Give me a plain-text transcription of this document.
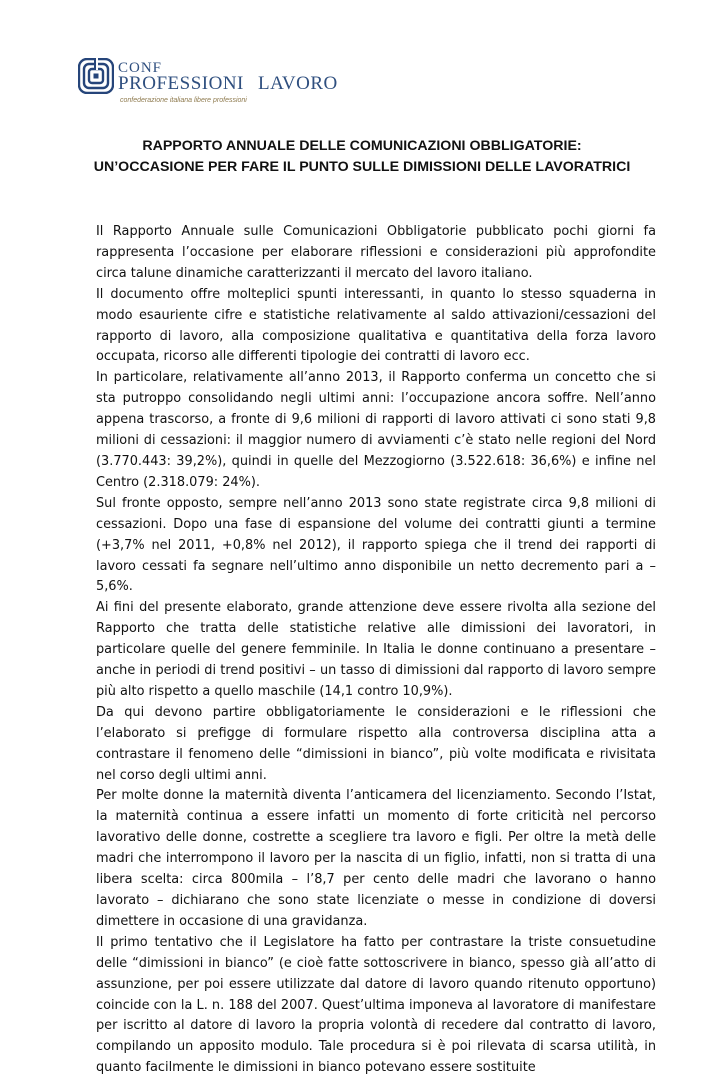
CONF
PROFESSIONI LAVORO
confederazione italiana libere professioni
RAPPORTO ANNUALE DELLE COMUNICAZIONI OBBLIGATORIE:
UN’OCCASIONE PER FARE IL PUNTO SULLE DIMISSIONI DELLE LAVORATRICI

Il Rapporto Annuale sulle Comunicazioni Obbligatorie pubblicato pochi giorni fa rappresenta l’occasione per elaborare riflessioni e considerazioni più approfondite circa talune dinamiche caratterizzanti il mercato del lavoro italiano.

Il documento offre molteplici spunti interessanti, in quanto lo stesso squaderna in modo esauriente cifre e statistiche relativamente al saldo attivazioni/cessazioni del rapporto di lavoro, alla composizione qualitativa e quantitativa della forza lavoro occupata, ricorso alle differenti tipologie dei contratti di lavoro ecc.

In particolare, relativamente all’anno 2013, il Rapporto conferma un concetto che si sta putroppo consolidando negli ultimi anni: l’occupazione ancora soffre. Nell’anno appena trascorso, a fronte di 9,6 milioni di rapporti di lavoro attivati ci sono stati 9,8 milioni di cessazioni: il maggior numero di avviamenti c’è stato nelle regioni del Nord (3.770.443: 39,2%), quindi in quelle del Mezzogiorno (3.522.618: 36,6%) e infine nel Centro (2.318.079: 24%).

Sul fronte opposto, sempre nell’anno 2013 sono state registrate circa 9,8 milioni di cessazioni. Dopo una fase di espansione del volume dei contratti giunti a termine (+3,7% nel 2011, +0,8% nel 2012), il rapporto spiega che il trend dei rapporti di lavoro cessati fa segnare nell’ultimo anno disponibile un netto decremento pari a – 5,6%.

Ai fini del presente elaborato, grande attenzione deve essere rivolta alla sezione del Rapporto che tratta delle statistiche relative alle dimissioni dei lavoratori, in particolare quelle del genere femminile. In Italia le donne continuano a presentare – anche in periodi di trend positivi – un tasso di dimissioni dal rapporto di lavoro sempre più alto rispetto a quello maschile (14,1 contro 10,9%).

Da qui devono partire obbligatoriamente le considerazioni e le riflessioni che l’elaborato si prefigge di formulare rispetto alla controversa disciplina atta a contrastare il fenomeno delle “dimissioni in bianco”, più volte modificata e rivisitata nel corso degli ultimi anni.

Per molte donne la maternità diventa l’anticamera del licenziamento. Secondo l’Istat, la maternità continua a essere infatti un momento di forte criticità nel percorso lavorativo delle donne, costrette a scegliere tra lavoro e figli. Per oltre la metà delle madri che interrompono il lavoro per la nascita di un figlio, infatti, non si tratta di una libera scelta: circa 800mila – l’8,7 per cento delle madri che lavorano o hanno lavorato – dichiarano che sono state licenziate o messe in condizione di doversi dimettere in occasione di una gravidanza.

Il primo tentativo che il Legislatore ha fatto per contrastare la triste consuetudine delle “dimissioni in bianco” (e cioè fatte sottoscrivere in bianco, spesso già all’atto di assunzione, per poi essere utilizzate dal datore di lavoro quando ritenuto opportuno) coincide con la L. n. 188 del 2007. Quest’ultima imponeva al lavoratore di manifestare per iscritto al datore di lavoro la propria volontà di recedere dal contratto di lavoro, compilando un apposito modulo. Tale procedura si è poi rilevata di scarsa utilità, in quanto facilmente le dimissioni in bianco potevano essere sostituite
